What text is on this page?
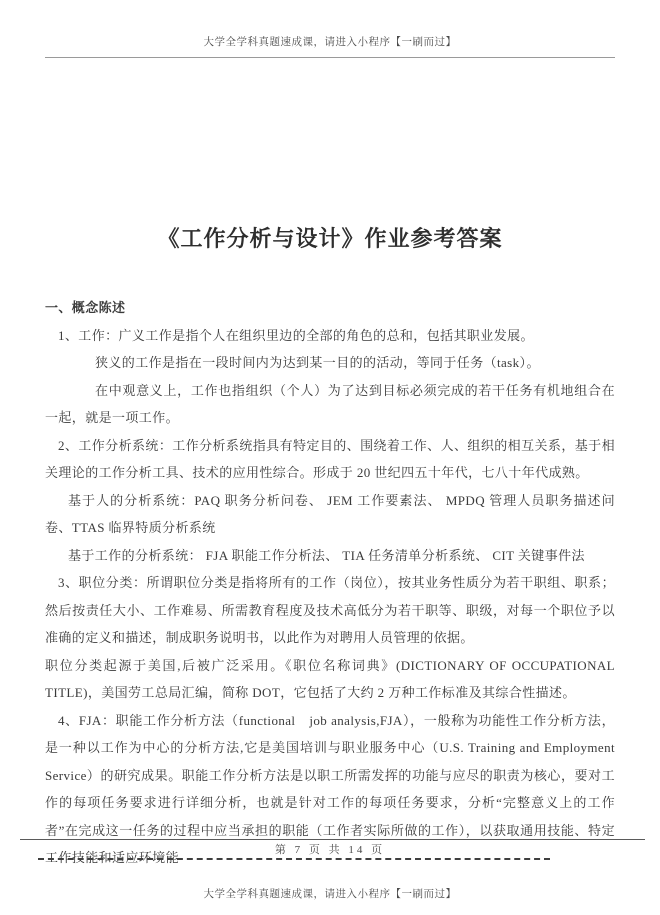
大学全学科真题速成课，请进入小程序【一刷而过】
《工作分析与设计》作业参考答案

一、概念陈述

1、工作：广义工作是指个人在组织里边的全部的角色的总和，包括其职业发展。

狭义的工作是指在一段时间内为达到某一目的的活动，等同于任务（task）。

在中观意义上，工作也指组织（个人）为了达到目标必须完成的若干任务有机地组合在一起，就是一项工作。

2、工作分析系统：工作分析系统指具有特定目的、围绕着工作、人、组织的相互关系，基于相关理论的工作分析工具、技术的应用性综合。形成于 20 世纪四五十年代，七八十年代成熟。

基于人的分析系统：PAQ 职务分析问卷、 JEM 工作要素法、 MPDQ 管理人员职务描述问卷、TTAS 临界特质分析系统

基于工作的分析系统： FJA 职能工作分析法、 TIA 任务清单分析系统、 CIT 关键事件法

3、职位分类：所谓职位分类是指将所有的工作（岗位），按其业务性质分为若干职组、职系；然后按责任大小、工作难易、所需教育程度及技术高低分为若干职等、职级，对每一个职位予以准确的定义和描述，制成职务说明书，以此作为对聘用人员管理的依据。

职位分类起源于美国,后被广泛采用。《职位名称词典》(DICTIONARY OF OCCUPATIONAL TITLE)，美国劳工总局汇编，简称 DOT，它包括了大约 2 万种工作标准及其综合性描述。

4、FJA：职能工作分析方法（functional　job analysis,FJA），一般称为功能性工作分析方法，是一种以工作为中心的分析方法,它是美国培训与职业服务中心（U.S. Training and Employment Service）的研究成果。职能工作分析方法是以职工所需发挥的功能与应尽的职责为核心，要对工作的每项任务要求进行详细分析，也就是针对工作的每项任务要求，分析“完整意义上的工作者”在完成这一任务的过程中应当承担的职能（工作者实际所做的工作），以获取通用技能、特定工作技能和适应环境能	第 7 页 共 14 页
大学全学科真题速成课，请进入小程序【一刷而过】
